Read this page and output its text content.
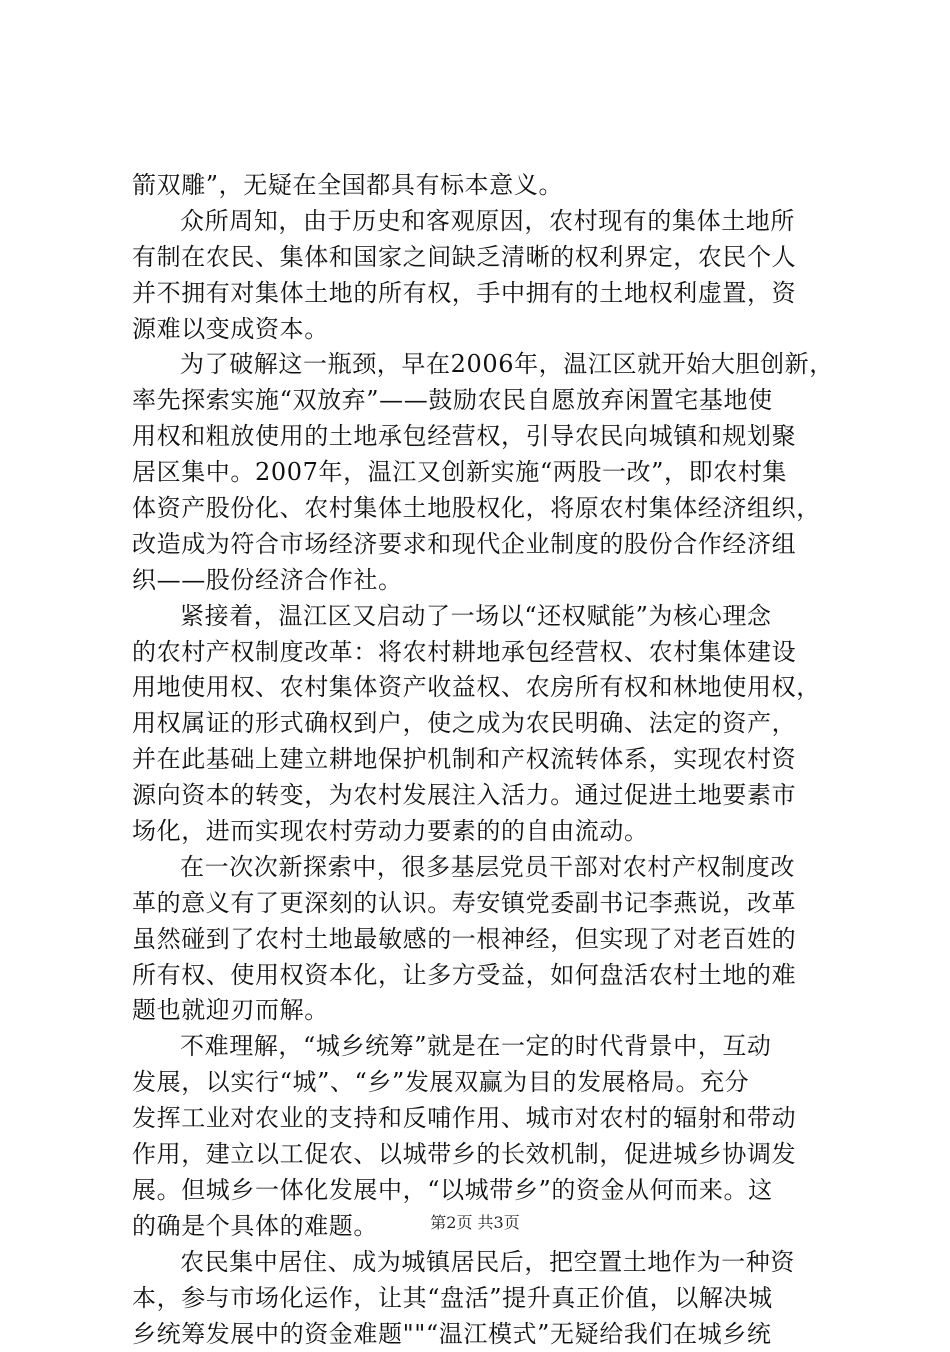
箭双雕”，无疑在全国都具有标本意义。
众所周知，由于历史和客观原因，农村现有的集体土地所
有制在农民、集体和国家之间缺乏清晰的权利界定，农民个人
并不拥有对集体土地的所有权，手中拥有的土地权利虚置，资
源难以变成资本。
为了破解这一瓶颈，早在2006年，温江区就开始大胆创新，
率先探索实施“双放弃”——鼓励农民自愿放弃闲置宅基地使
用权和粗放使用的土地承包经营权，引导农民向城镇和规划聚
居区集中。2007年，温江又创新实施“两股一改”，即农村集
体资产股份化、农村集体土地股权化，将原农村集体经济组织，
改造成为符合市场经济要求和现代企业制度的股份合作经济组
织——股份经济合作社。
紧接着，温江区又启动了一场以“还权赋能”为核心理念
的农村产权制度改革：将农村耕地承包经营权、农村集体建设
用地使用权、农村集体资产收益权、农房所有权和林地使用权，
用权属证的形式确权到户，使之成为农民明确、法定的资产，
并在此基础上建立耕地保护机制和产权流转体系，实现农村资
源向资本的转变，为农村发展注入活力。通过促进土地要素市
场化，进而实现农村劳动力要素的的自由流动。
在一次次新探索中，很多基层党员干部对农村产权制度改
革的意义有了更深刻的认识。寿安镇党委副书记李燕说，改革
虽然碰到了农村土地最敏感的一根神经，但实现了对老百姓的
所有权、使用权资本化，让多方受益，如何盘活农村土地的难
题也就迎刃而解。
不难理解，“城乡统筹”就是在一定的时代背景中，互动
发展，以实行“城”、“乡”发展双赢为目的发展格局。充分
发挥工业对农业的支持和反哺作用、城市对农村的辐射和带动
作用，建立以工促农、以城带乡的长效机制，促进城乡协调发
展。但城乡一体化发展中，“以城带乡”的资金从何而来。这
的确是个具体的难题。
农民集中居住、成为城镇居民后，把空置土地作为一种资
本，参与市场化运作，让其“盘活”提升真正价值，以解决城
乡统筹发展中的资金难题""“温江模式”无疑给我们在城乡统
第2页 共3页
